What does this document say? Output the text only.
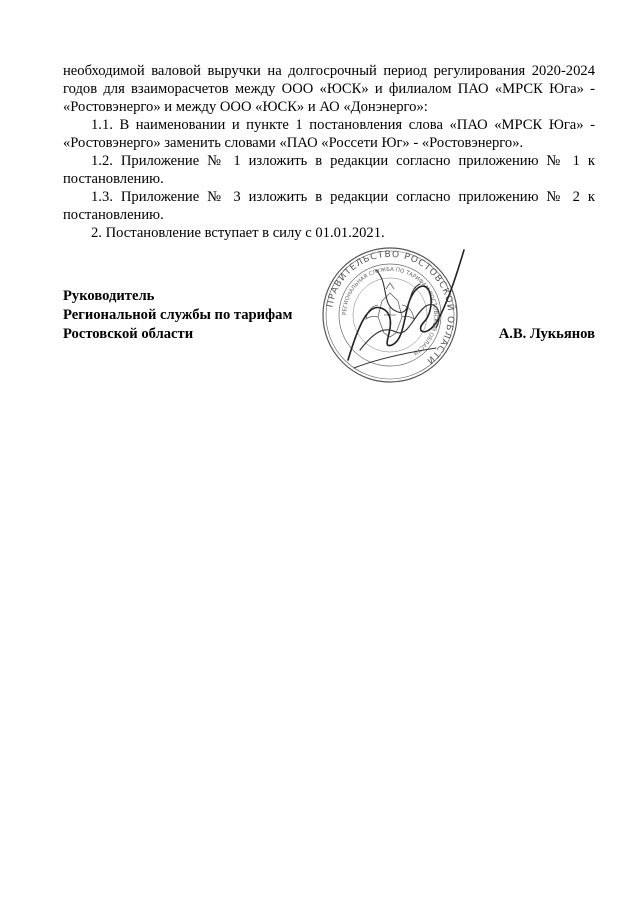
необходимой валовой выручки на долгосрочный период регулирования 2020-2024 годов для взаиморасчетов между ООО «ЮСК» и филиалом ПАО «МРСК Юга» - «Ростовэнерго» и между ООО «ЮСК» и АО «Донэнерго»:

1.1. В наименовании и пункте 1 постановления слова «ПАО «МРСК Юга» - «Ростовэнерго» заменить словами «ПАО «Россети Юг» - «Ростовэнерго».

1.2. Приложение № 1 изложить в редакции согласно приложению № 1 к постановлению.

1.3. Приложение № 3 изложить в редакции согласно приложению № 2 к постановлению.

2. Постановление вступает в силу с 01.01.2021.

Руководитель
Региональной службы по тарифам
Ростовской области	А.В. Лукьянов
ПРАВИТЕЛЬСТВО РОСТОВСКОЙ ОБЛАСТИ
РЕГИОНАЛЬНАЯ СЛУЖБА ПО ТАРИФАМ РОСТОВСКОЙ ОБЛАСТИ
